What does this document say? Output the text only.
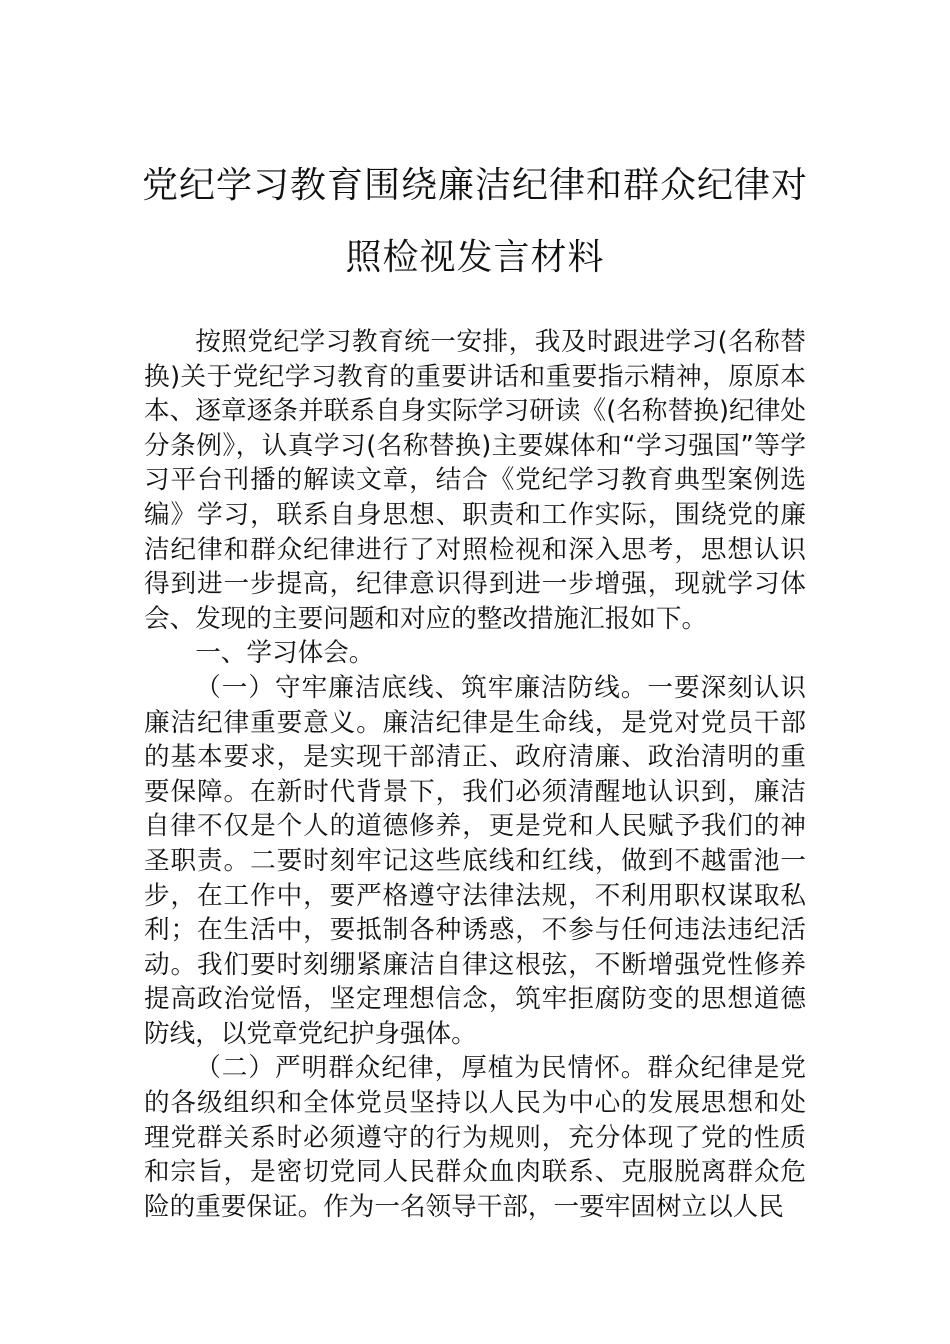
党纪学习教育围绕廉洁纪律和群众纪律对
照检视发言材料

按照党纪学习教育统一安排，我及时跟进学习(名称替换)关于党纪学习教育的重要讲话和重要指示精神，原原本本、逐章逐条并联系自身实际学习研读《(名称替换)纪律处分条例》，认真学习(名称替换)主要媒体和“学习强国”等学习平台刊播的解读文章，结合《党纪学习教育典型案例选编》学习，联系自身思想、职责和工作实际，围绕党的廉洁纪律和群众纪律进行了对照检视和深入思考，思想认识得到进一步提高，纪律意识得到进一步增强，现就学习体会、发现的主要问题和对应的整改措施汇报如下。

一、学习体会。

（一）守牢廉洁底线、筑牢廉洁防线。一要深刻认识廉洁纪律重要意义。廉洁纪律是生命线，是党对党员干部的基本要求，是实现干部清正、政府清廉、政治清明的重要保障。在新时代背景下，我们必须清醒地认识到，廉洁自律不仅是个人的道德修养，更是党和人民赋予我们的神圣职责。二要时刻牢记这些底线和红线，做到不越雷池一步，在工作中，要严格遵守法律法规，不利用职权谋取私利；在生活中，要抵制各种诱惑，不参与任何违法违纪活动。我们要时刻绷紧廉洁自律这根弦，不断增强党性修养提高政治觉悟，坚定理想信念，筑牢拒腐防变的思想道德防线，以党章党纪护身强体。

（二）严明群众纪律，厚植为民情怀。群众纪律是党的各级组织和全体党员坚持以人民为中心的发展思想和处理党群关系时必须遵守的行为规则，充分体现了党的性质和宗旨，是密切党同人民群众血肉联系、克服脱离群众危险的重要保证。作为一名领导干部，一要牢固树立以人民
